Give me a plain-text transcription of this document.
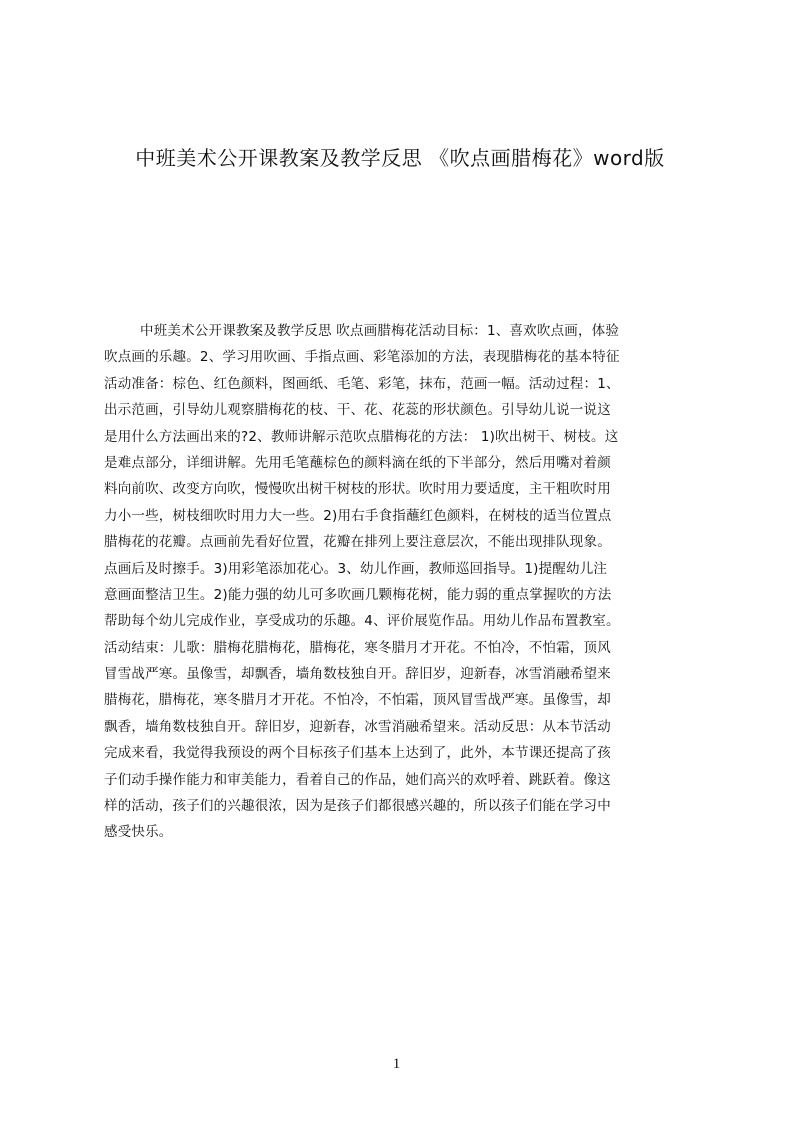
中班美术公开课教案及教学反思 《吹点画腊梅花》word版
中班美术公开课教案及教学反思 吹点画腊梅花活动目标：1、喜欢吹点画，体验
吹点画的乐趣。2、学习用吹画、手指点画、彩笔添加的方法，表现腊梅花的基本特征
活动准备：棕色、红色颜料，图画纸、毛笔、彩笔，抹布，范画一幅。活动过程：1、
出示范画，引导幼儿观察腊梅花的枝、干、花、花蕊的形状颜色。引导幼儿说一说这
是用什么方法画出来的?2、教师讲解示范吹点腊梅花的方法： 1)吹出树干、树枝。这
是难点部分，详细讲解。先用毛笔蘸棕色的颜料滴在纸的下半部分，然后用嘴对着颜
料向前吹、改变方向吹，慢慢吹出树干树枝的形状。吹时用力要适度，主干粗吹时用
力小一些，树枝细吹时用力大一些。2)用右手食指蘸红色颜料，在树枝的适当位置点
腊梅花的花瓣。点画前先看好位置，花瓣在排列上要注意层次，不能出现排队现象。
点画后及时擦手。3)用彩笔添加花心。3、幼儿作画，教师巡回指导。1)提醒幼儿注
意画面整洁卫生。2)能力强的幼儿可多吹画几颗梅花树，能力弱的重点掌握吹的方法
帮助每个幼儿完成作业，享受成功的乐趣。4、评价展览作品。用幼儿作品布置教室。
活动结束：儿歌：腊梅花腊梅花，腊梅花，寒冬腊月才开花。不怕冷，不怕霜，顶风
冒雪战严寒。虽像雪，却飘香，墙角数枝独自开。辞旧岁，迎新春，冰雪消融希望来
腊梅花，腊梅花，寒冬腊月才开花。不怕冷，不怕霜，顶风冒雪战严寒。虽像雪，却
飘香，墙角数枝独自开。辞旧岁，迎新春，冰雪消融希望来。活动反思：从本节活动
完成来看，我觉得我预设的两个目标孩子们基本上达到了，此外，本节课还提高了孩
子们动手操作能力和审美能力，看着自己的作品，她们高兴的欢呼着、跳跃着。像这
样的活动，孩子们的兴趣很浓，因为是孩子们都很感兴趣的，所以孩子们能在学习中
感受快乐。
1
